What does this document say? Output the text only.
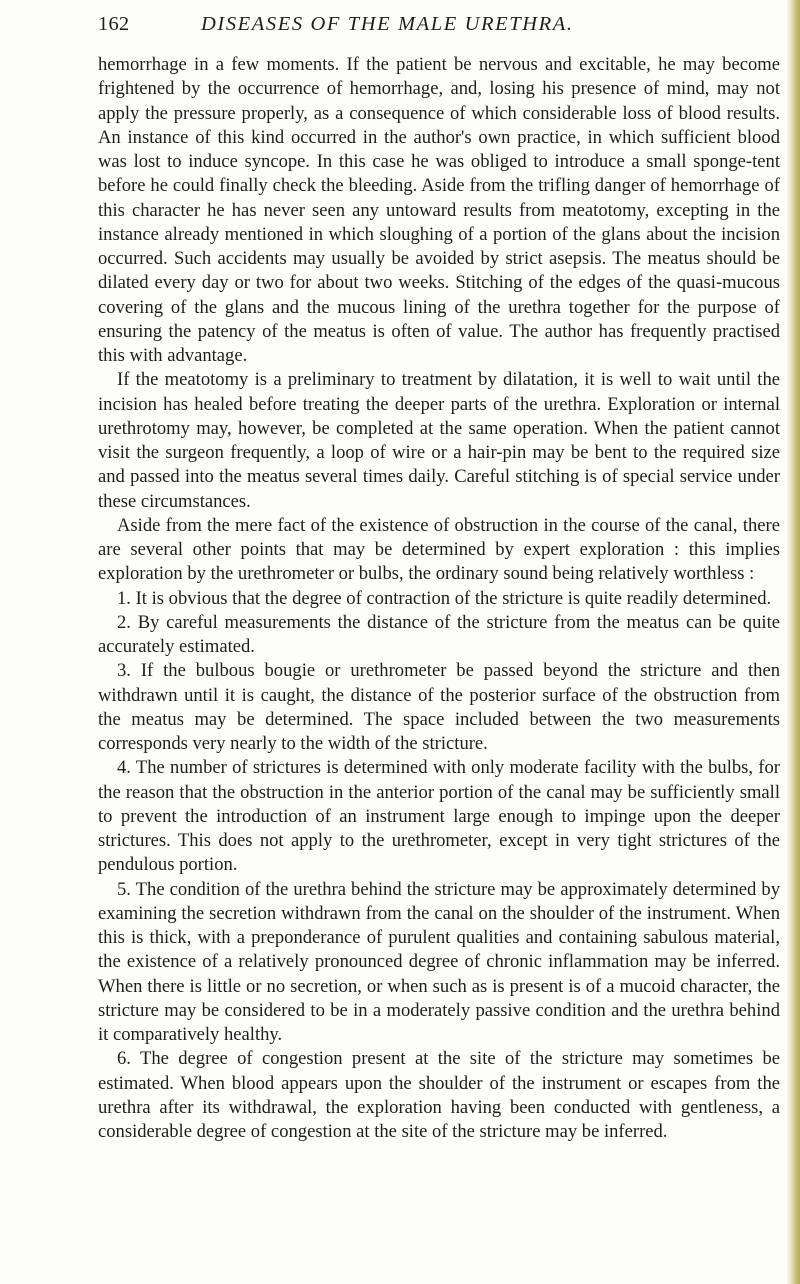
162	DISEASES OF THE MALE URETHRA.

hemorrhage in a few moments. If the patient be nervous and excitable, he may become frightened by the occurrence of hemorrhage, and, losing his presence of mind, may not apply the pressure properly, as a consequence of which considerable loss of blood results. An instance of this kind occurred in the author's own practice, in which sufficient blood was lost to induce syncope. In this case he was obliged to introduce a small sponge-tent before he could finally check the bleeding. Aside from the trifling danger of hemorrhage of this character he has never seen any untoward results from meatotomy, excepting in the instance already mentioned in which sloughing of a portion of the glans about the incision occurred. Such accidents may usually be avoided by strict asepsis. The meatus should be dilated every day or two for about two weeks. Stitching of the edges of the quasi-mucous covering of the glans and the mucous lining of the urethra together for the purpose of ensuring the patency of the meatus is often of value. The author has frequently practised this with advantage.

If the meatotomy is a preliminary to treatment by dilatation, it is well to wait until the incision has healed before treating the deeper parts of the urethra. Exploration or internal urethrotomy may, however, be completed at the same operation. When the patient cannot visit the surgeon frequently, a loop of wire or a hair-pin may be bent to the required size and passed into the meatus several times daily. Careful stitching is of special service under these circumstances.

Aside from the mere fact of the existence of obstruction in the course of the canal, there are several other points that may be determined by expert exploration : this implies exploration by the urethrometer or bulbs, the ordinary sound being relatively worthless :

1. It is obvious that the degree of contraction of the stricture is quite readily determined.

2. By careful measurements the distance of the stricture from the meatus can be quite accurately estimated.

3. If the bulbous bougie or urethrometer be passed beyond the stricture and then withdrawn until it is caught, the distance of the posterior surface of the obstruction from the meatus may be determined. The space included between the two measurements corresponds very nearly to the width of the stricture.

4. The number of strictures is determined with only moderate facility with the bulbs, for the reason that the obstruction in the anterior portion of the canal may be sufficiently small to prevent the introduction of an instrument large enough to impinge upon the deeper strictures. This does not apply to the urethrometer, except in very tight strictures of the pendulous portion.

5. The condition of the urethra behind the stricture may be approximately determined by examining the secretion withdrawn from the canal on the shoulder of the instrument. When this is thick, with a preponderance of purulent qualities and containing sabulous material, the existence of a relatively pronounced degree of chronic inflammation may be inferred. When there is little or no secretion, or when such as is present is of a mucoid character, the stricture may be considered to be in a moderately passive condition and the urethra behind it comparatively healthy.

6. The degree of congestion present at the site of the stricture may sometimes be estimated. When blood appears upon the shoulder of the instrument or escapes from the urethra after its withdrawal, the exploration having been conducted with gentleness, a considerable degree of congestion at the site of the stricture may be inferred.
